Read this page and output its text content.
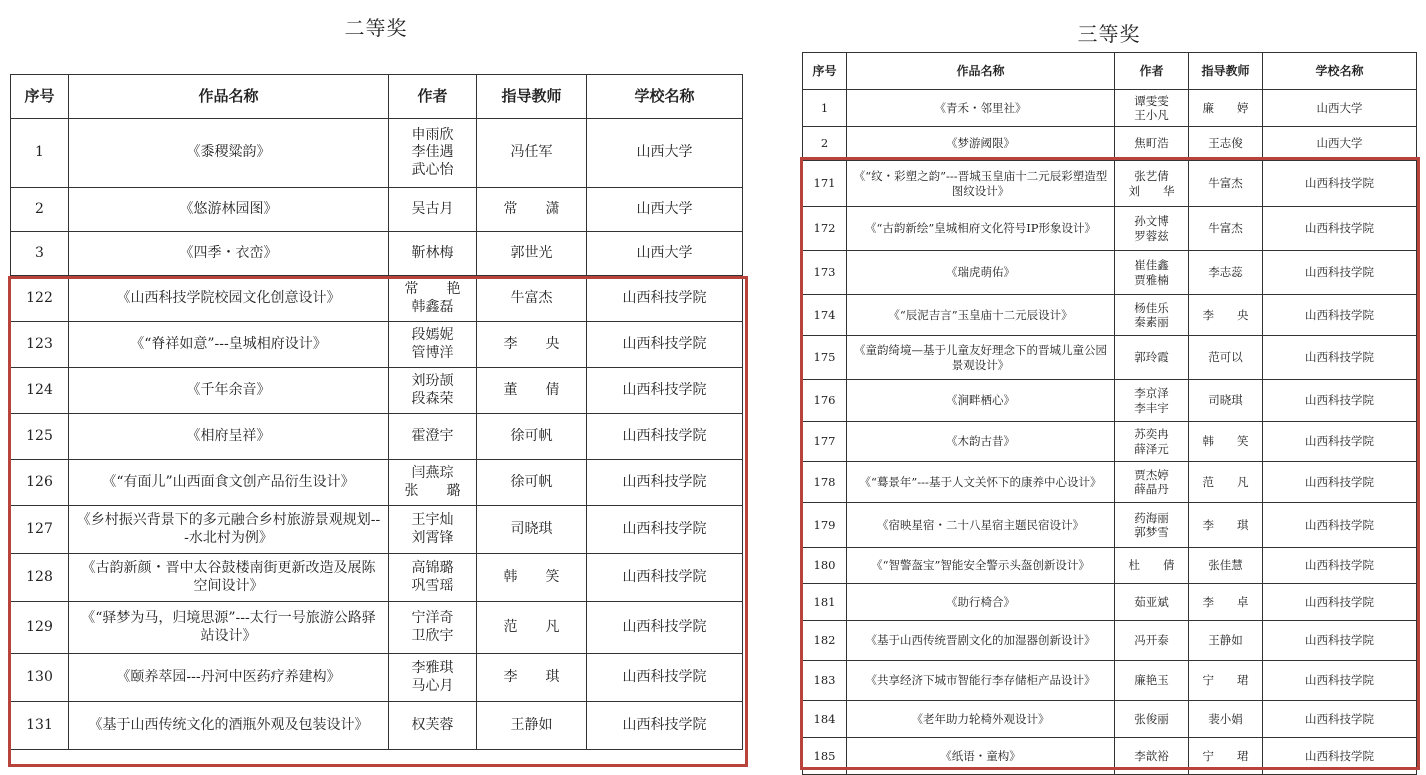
二等奖
序号	作品名称	作者	指导教师	学校名称
1	《黍稷粱韵》	申雨欣
李佳遇
武心怡	冯任军	山西大学
2	《悠游林园图》	吴古月	常　　潇	山西大学
3	《四季・衣峦》	靳林梅	郭世光	山西大学
122	《山西科技学院校园文化创意设计》	常　　艳
韩鑫磊	牛富杰	山西科技学院
123	《“脊祥如意”---皇城相府设计》	段嫣妮
管博洋	李　　央	山西科技学院
124	《千年余音》	刘玢颉
段森荣	董　　倩	山西科技学院
125	《相府呈祥》	霍澄宇	徐可帆	山西科技学院
126	《“有面儿”山西面食文创产品衍生设计》	闫燕琮
张　　璐	徐可帆	山西科技学院
127	《乡村振兴背景下的多元融合乡村旅游景观规划---水北村为例》	王宇灿
刘霄锋	司晓琪	山西科技学院
128	《古韵新颜・晋中太谷鼓楼南街更新改造及展陈空间设计》	高锦璐
巩雪瑶	韩　　笑	山西科技学院
129	《“驿梦为马，归境思源”---太行一号旅游公路驿站设计》	宁洋奇
卫欣宇	范　　凡	山西科技学院
130	《颐养萃园---丹河中医药疗养建构》	李雅琪
马心月	李　　琪	山西科技学院
131	《基于山西传统文化的酒瓶外观及包装设计》	权芙蓉	王静如	山西科技学院
三等奖
序号	作品名称	作者	指导教师	学校名称
1	《青禾・邻里社》	谭雯雯
王小凡	廉　　婷	山西大学
2	《梦游阈限》	焦町浩	王志俊	山西大学
171	《“纹・彩塑之韵”---晋城玉皇庙十二元辰彩塑造型图纹设计》	张艺倩
刘　　华	牛富杰	山西科技学院
172	《“古韵新绘”皇城相府文化符号IP形象设计》	孙文博
罗蓉兹	牛富杰	山西科技学院
173	《瑞虎萌佑》	崔佳鑫
贾雅楠	李志蕊	山西科技学院
174	《“辰泥吉言”玉皇庙十二元辰设计》	杨佳乐
秦素丽	李　　央	山西科技学院
175	《童韵绮境—基于儿童友好理念下的晋城儿童公园景观设计》	郭玲霞	范可以	山西科技学院
176	《涧畔栖心》	李京泽
李丰宇	司晓琪	山西科技学院
177	《木韵古昔》	苏奕冉
薛泽元	韩　　笑	山西科技学院
178	《“蓦景年”---基于人文关怀下的康养中心设计》	贾杰婷
薛晶丹	范　　凡	山西科技学院
179	《宿映星宿・二十八星宿主题民宿设计》	药海丽
郭梦雪	李　　琪	山西科技学院
180	《“智警盔宝”智能安全警示头盔创新设计》	杜　　倩	张佳慧	山西科技学院
181	《助行椅合》	茹亚斌	李　　卓	山西科技学院
182	《基于山西传统晋剧文化的加湿器创新设计》	冯开泰	王静如	山西科技学院
183	《共享经济下城市智能行李存储柜产品设计》	廉艳玉	宁　　珺	山西科技学院
184	《老年助力轮椅外观设计》	张俊丽	裴小娟	山西科技学院
185	《纸语・童构》	李歆裕	宁　　珺	山西科技学院
